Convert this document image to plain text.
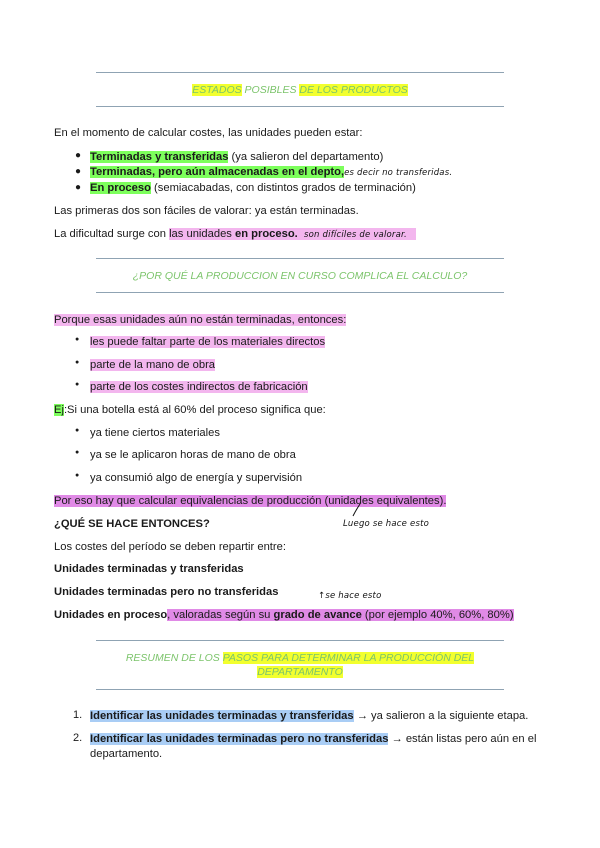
ESTADOS POSIBLES DE LOS PRODUCTOS
En el momento de calcular costes, las unidades pueden estar:
● Terminadas y transferidas (ya salieron del departamento)
● Terminadas, pero aún almacenadas en el depto,es decir no transferidas.
● En proceso (semiacabadas, con distintos grados de terminación)
Las primeras dos son fáciles de valorar: ya están terminadas.
La dificultad surge con las unidades en proceso. son difíciles de valorar.
¿POR QUÉ LA PRODUCCION EN CURSO COMPLICA EL CALCULO?
Porque esas unidades aún no están terminadas, entonces:
● les puede faltar parte de los materiales directos
● parte de la mano de obra
● parte de los costes indirectos de fabricación
Ej:Si una botella está al 60% del proceso significa que:
● ya tiene ciertos materiales
● ya se le aplicaron horas de mano de obra
● ya consumió algo de energía y supervisión
Por eso hay que calcular equivalencias de producción (unidades equivalentes).
¿QUÉ SE HACE ENTONCES?	Luego se hace esto
Los costes del período se deben repartir entre:
Unidades terminadas y transferidas
Unidades terminadas pero no transferidas	↑se hace esto
Unidades en proceso, valoradas según su grado de avance (por ejemplo 40%, 60%, 80%)
RESUMEN DE LOS PASOS PARA DETERMINAR LA PRODUCCIÓN DEL
DEPARTAMENTO
1. Identificar las unidades terminadas y transferidas → ya salieron a la siguiente etapa.
2. Identificar las unidades terminadas pero no transferidas → están listas pero aún en el
departamento.
